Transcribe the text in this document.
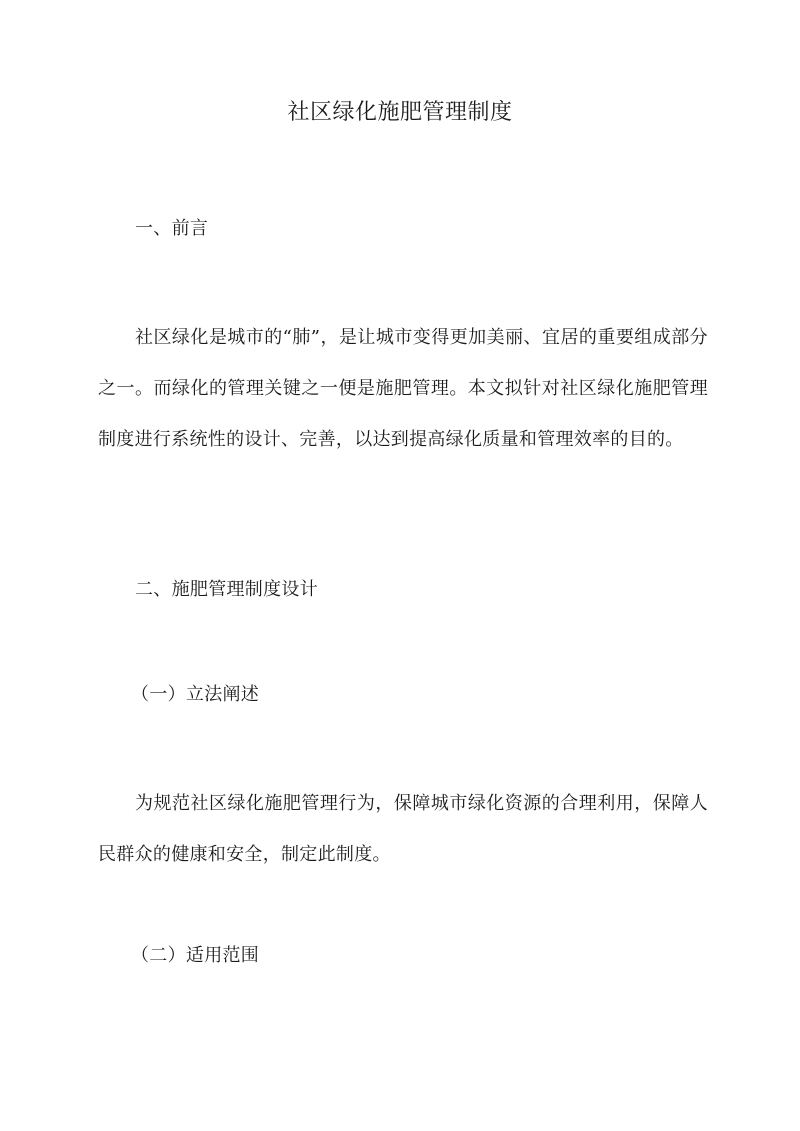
社区绿化施肥管理制度
一、前言
社区绿化是城市的“肺”，是让城市变得更加美丽、宜居的重要组成部分之一。而绿化的管理关键之一便是施肥管理。本文拟针对社区绿化施肥管理制度进行系统性的设计、完善，以达到提高绿化质量和管理效率的目的。
二、施肥管理制度设计
（一）立法阐述
为规范社区绿化施肥管理行为，保障城市绿化资源的合理利用，保障人民群众的健康和安全，制定此制度。
（二）适用范围
